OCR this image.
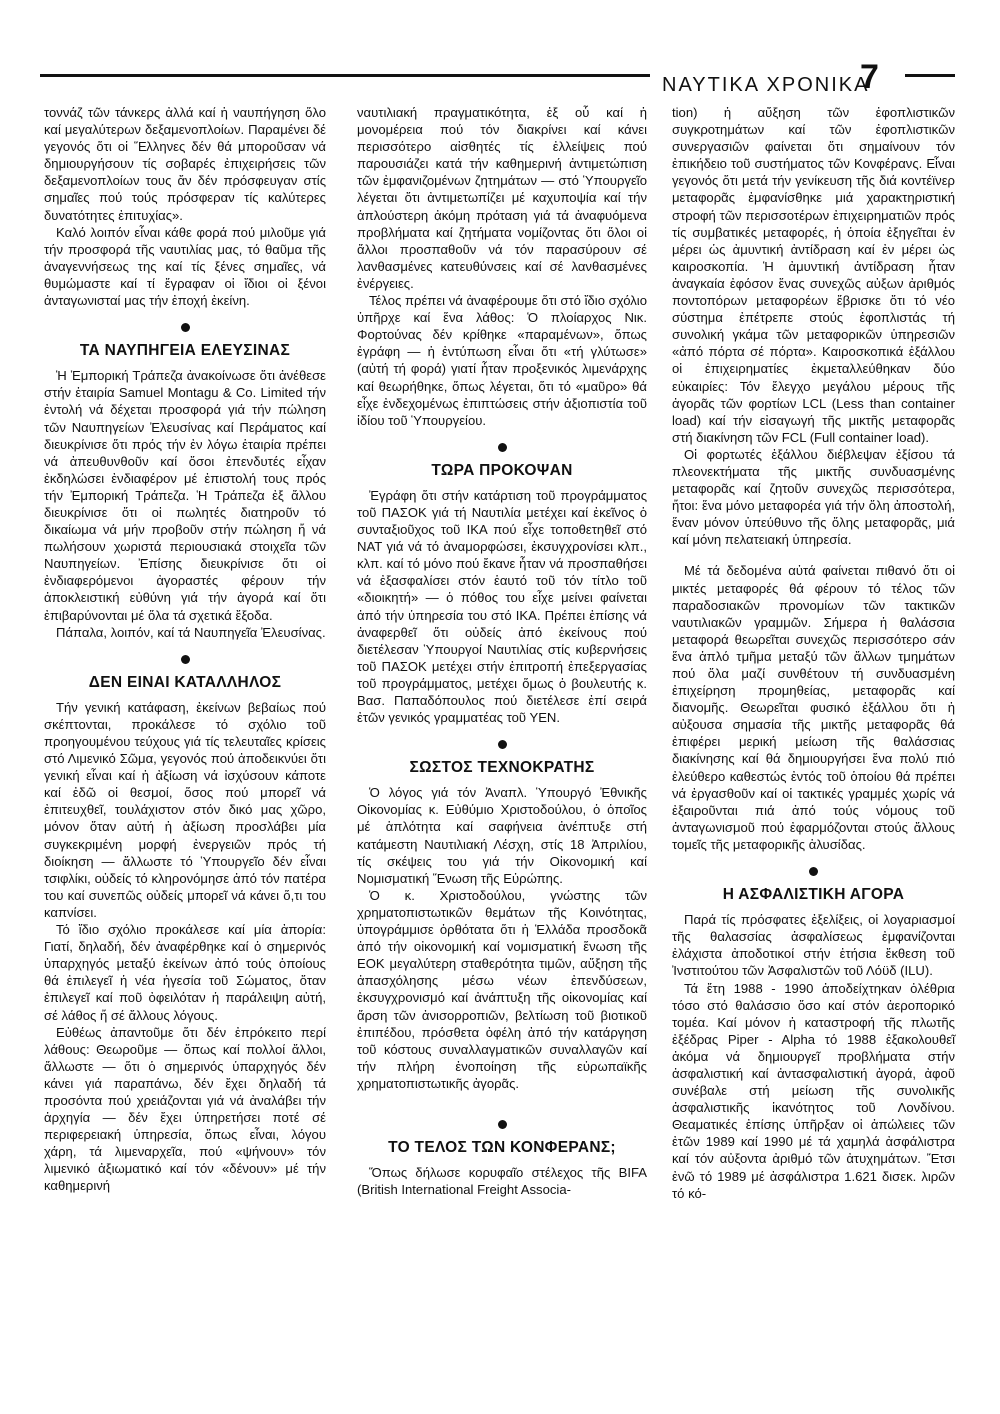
ΝΑΥΤΙΚΑ ΧΡΟΝΙΚΑ
7

τοννάζ τῶν τάνκερς ἀλλά καί ἡ ναυπήγηση ὅλο καί μεγαλύτερων δεξαμενοπλοίων. Παραμένει δέ γεγονός ὅτι οἱ Ἕλληνες δέν θά μποροῦσαν νά δημιουργήσουν τίς σοβαρές ἐπιχειρήσεις τῶν δεξαμενοπλοίων τους ἄν δέν πρόσφευγαν στίς σημαῖες πού τούς πρόσφεραν τίς καλύτερες δυνατότητες ἐπιτυχίας».

Καλό λοιπόν εἶναι κάθε φορά πού μιλοῦμε γιά τήν προσφορά τῆς ναυτιλίας μας, τό θαῦμα τῆς ἀναγεννήσεως της καί τίς ξένες σημαῖες, νά θυμώμαστε καί τί ἔγραφαν οἱ ἴδιοι οἱ ξένοι ἀνταγωνισταί μας τήν ἐποχή ἐκείνη.

ΤΑ ΝΑΥΠΗΓΕΙΑ ΕΛΕΥΣΙΝΑΣ

Ἡ Ἐμπορική Τράπεζα ἀνακοίνωσε ὅτι ἀνέθεσε στήν ἑταιρία Samuel Montagu & Co. Limited τήν ἐντολή νά δέχεται προσφορά γιά τήν πώληση τῶν Ναυπηγείων Ἐλευσίνας καί Περάματος καί διευκρίνισε ὅτι πρός τήν ἐν λόγω ἑταιρία πρέπει νά ἀπευθυνθοῦν καί ὅσοι ἐπενδυτές εἶχαν ἐκδηλώσει ἐνδιαφέρον μέ ἐπιστολή τους πρός τήν Ἐμπορική Τράπεζα. Ἡ Τράπεζα ἐξ ἄλλου διευκρίνισε ὅτι οἱ πωλητές διατηροῦν τό δικαίωμα νά μήν προβοῦν στήν πώληση ἤ νά πωλήσουν χωριστά περιουσιακά στοιχεῖα τῶν Ναυπηγείων. Ἐπίσης διευκρίνισε ὅτι οἱ ἐνδιαφερόμενοι ἀγοραστές φέρουν τήν ἀποκλειστική εὐθύνη γιά τήν ἀγορά καί ὅτι ἐπιβαρύνονται μέ ὅλα τά σχετικά ἔξοδα.

Πάπαλα, λοιπόν, καί τά Ναυπηγεῖα Ἐλευσίνας.

ΔΕΝ ΕΙΝΑΙ ΚΑΤΑΛΛΗΛΟΣ

Τήν γενική κατάφαση, ἐκείνων βεβαίως πού σκέπτονται, προκάλεσε τό σχόλιο τοῦ προηγουμένου τεύχους γιά τίς τελευταῖες κρίσεις στό Λιμενικό Σῶμα, γεγονός πού ἀποδεικνύει ὅτι γενική εἶναι καί ἡ ἀξίωση νά ἰσχύσουν κάποτε καί ἐδῶ οἱ θεσμοί, ὅσος πού μπορεῖ νά ἐπιτευχθεῖ, τουλάχιστον στόν δικό μας χῶρο, μόνον ὅταν αὐτή ἡ ἀξίωση προσλάβει μία συγκεκριμένη μορφή ἐνεργειῶν πρός τή διοίκηση — ἄλλωστε τό Ὑπουργεῖο δέν εἶναι τσιφλίκι, οὐδείς τό κληρονόμησε ἀπό τόν πατέρα του καί συνεπῶς οὐδείς μπορεῖ νά κάνει ὅ,τι του καπνίσει.

Τό ἴδιο σχόλιο προκάλεσε καί μία ἀπορία: Γιατί, δηλαδή, δέν ἀναφέρθηκε καί ὁ σημερινός ὑπαρχηγός μεταξύ ἐκείνων ἀπό τούς ὁποίους θά ἐπιλεγεῖ ἡ νέα ἡγεσία τοῦ Σώματος, ὅταν ἐπιλεγεῖ καί ποῦ ὀφειλόταν ἡ παράλειψη αὐτή, σέ λάθος ἤ σέ ἄλλους λόγους.

Εὐθέως ἀπαντοῦμε ὅτι δέν ἐπρόκειτο περί λάθους: Θεωροῦμε — ὅπως καί πολλοί ἄλλοι, ἄλλωστε — ὅτι ὁ σημερινός ὑπαρχηγός δέν κάνει γιά παραπάνω, δέν ἔχει δηλαδή τά προσόντα πού χρειάζονται γιά νά ἀναλάβει τήν ἀρχηγία — δέν ἔχει ὑπηρετήσει ποτέ σέ περιφερειακή ὑπηρεσία, ὅπως εἶναι, λόγου χάρη, τά λιμεναρχεῖα, πού «ψήνουν» τόν λιμενικό ἀξιωματικό καί τόν «δένουν» μέ τήν καθημερινή

ναυτιλιακή πραγματικότητα, ἐξ οὗ καί ἡ μονομέρεια πού τόν διακρίνει καί κάνει περισσότερο αἰσθητές τίς ἐλλείψεις πού παρουσιάζει κατά τήν καθημερινή ἀντιμετώπιση τῶν ἐμφανιζομένων ζητημάτων — στό Ὑπουργεῖο λέγεται ὅτι ἀντιμετωπίζει μέ καχυποψία καί τήν ἁπλούστερη ἀκόμη πρόταση γιά τά ἀναφυόμενα προβλήματα καί ζητήματα νομίζοντας ὅτι ὅλοι οἱ ἄλλοι προσπαθοῦν νά τόν παρασύρουν σέ λανθασμένες κατευθύνσεις καί σέ λανθασμένες ἐνέργειες.

Τέλος πρέπει νά ἀναφέρουμε ὅτι στό ἴδιο σχόλιο ὑπῆρχε καί ἕνα λάθος: Ὁ πλοίαρχος Νικ. Φορτούνας δέν κρίθηκε «παραμένων», ὅπως ἐγράφη — ἡ ἐντύπωση εἶναι ὅτι «τή γλύτωσε» (αὐτή τή φορά) γιατί ἦταν προξενικός λιμενάρχης καί θεωρήθηκε, ὅπως λέγεται, ὅτι τό «μαῦρο» θά εἶχε ἐνδεχομένως ἐπιπτώσεις στήν ἀξιοπιστία τοῦ ἰδίου τοῦ Ὑπουργείου.

ΤΩΡΑ ΠΡΟΚΟΨΑΝ

Ἐγράφη ὅτι στήν κατάρτιση τοῦ προγράμματος τοῦ ΠΑΣΟΚ γιά τή Ναυτιλία μετέχει καί ἐκεῖνος ὁ συνταξιοῦχος τοῦ ΙΚΑ πού εἶχε τοποθετηθεῖ στό ΝΑΤ γιά νά τό ἀναμορφώσει, ἐκσυγχρονίσει κλπ., κλπ. καί τό μόνο πού ἔκανε ἦταν νά προσπαθήσει νά ἐξασφαλίσει στόν ἑαυτό τοῦ τόν τίτλο τοῦ «διοικητή» — ὁ πόθος του εἶχε μείνει φαίνεται ἀπό τήν ὑπηρεσία του στό ΙΚΑ. Πρέπει ἐπίσης νά ἀναφερθεῖ ὅτι οὐδείς ἀπό ἐκείνους πού διετέλεσαν Ὑπουργοί Ναυτιλίας στίς κυβερνήσεις τοῦ ΠΑΣΟΚ μετέχει στήν ἐπιτροπή ἐπεξεργασίας τοῦ προγράμματος, μετέχει ὅμως ὁ βουλευτής κ. Βασ. Παπαδόπουλος πού διετέλεσε ἐπί σειρά ἐτῶν γενικός γραμματέας τοῦ ΥΕΝ.

ΣΩΣΤΟΣ ΤΕΧΝΟΚΡΑΤΗΣ

Ὁ λόγος γιά τόν Ἀναπλ. Ὑπουργό Ἐθνικῆς Οἰκονομίας κ. Εὐθύμιο Χριστοδούλου, ὁ ὁποῖος μέ ἁπλότητα καί σαφήνεια ἀνέπτυξε στή κατάμεστη Ναυτιλιακή Λέσχη, στίς 18 Ἀπριλίου, τίς σκέψεις του γιά τήν Οἰκονομική καί Νομισματική Ἕνωση τῆς Εὐρώπης.

Ὁ κ. Χριστοδούλου, γνώστης τῶν χρηματοπιστωτικῶν θεμάτων τῆς Κοινότητας, ὑπογράμμισε ὀρθότατα ὅτι ἡ Ἑλλάδα προσδοκᾶ ἀπό τήν οἰκονομική καί νομισματική ἕνωση τῆς ΕΟΚ μεγαλύτερη σταθερότητα τιμῶν, αὔξηση τῆς ἀπασχόλησης μέσω νέων ἐπενδύσεων, ἐκσυγχρονισμό καί ἀνάπτυξη τῆς οἰκονομίας καί ἄρση τῶν ἀνισορροπιῶν, βελτίωση τοῦ βιοτικοῦ ἐπιπέδου, πρόσθετα ὀφέλη ἀπό τήν κατάργηση τοῦ κόστους συναλλαγματικῶν συναλλαγῶν καί τήν πλήρη ἑνοποίηση τῆς εὐρωπαϊκῆς χρηματοπιστωτικῆς ἀγορᾶς.

ΤΟ ΤΕΛΟΣ ΤΩΝ ΚΟΝΦΕΡΑΝΣ;

Ὅπως δήλωσε κορυφαῖο στέλεχος τῆς BIFA (British International Freight Associa-

tion) ἡ αὔξηση τῶν ἐφοπλιστικῶν συγκροτημάτων καί τῶν ἐφοπλιστικῶν συνεργασιῶν φαίνεται ὅτι σημαίνουν τόν ἐπικήδειο τοῦ συστήματος τῶν Κονφέρανς. Εἶναι γεγονός ὅτι μετά τήν γενίκευση τῆς διά κοντέϊνερ μεταφορᾶς ἐμφανίσθηκε μιά χαρακτηριστική στροφή τῶν περισσοτέρων ἐπιχειρηματιῶν πρός τίς συμβατικές μεταφορές, ἡ ὁποία ἐξηγεῖται ἐν μέρει ὡς ἀμυντική ἀντίδραση καί ἐν μέρει ὡς καιροσκοπία. Ἡ ἀμυντική ἀντίδραση ἦταν ἀναγκαία ἐφόσον ἕνας συνεχῶς αὐξων ἀριθμός ποντοπόρων μεταφορέων ἔβρισκε ὅτι τό νέο σύστημα ἐπέτρεπε στούς ἐφοπλιστάς τή συνολική γκάμα τῶν μεταφορικῶν ὑπηρεσιῶν «ἀπό πόρτα σέ πόρτα». Καιροσκοπικά ἐξάλλου οἱ ἐπιχειρηματίες ἐκμεταλλεύθηκαν δύο εὐκαιρίες: Τόν ἔλεγχο μεγάλου μέρους τῆς ἀγορᾶς τῶν φορτίων LCL (Less than container load) καί τήν εἰσαγωγή τῆς μικτῆς μεταφορᾶς στή διακίνηση τῶν FCL (Full container load).

Οἱ φορτωτές ἐξάλλου διέβλεψαν ἐξίσου τά πλεονεκτήματα τῆς μικτῆς συνδυασμένης μεταφορᾶς καί ζητοῦν συνεχῶς περισσότερα, ἤτοι: ἕνα μόνο μεταφορέα γιά τήν ὅλη ἀποστολή, ἕναν μόνον ὑπεύθυνο τῆς ὅλης μεταφορᾶς, μιά καί μόνη πελατειακή ὑπηρεσία.

Μέ τά δεδομένα αὐτά φαίνεται πιθανό ὅτι οἱ μικτές μεταφορές θά φέρουν τό τέλος τῶν παραδοσιακῶν προνομίων τῶν τακτικῶν ναυτιλιακῶν γραμμῶν. Σήμερα ἡ θαλάσσια μεταφορά θεωρεῖται συνεχῶς περισσότερο σάν ἕνα ἁπλό τμῆμα μεταξύ τῶν ἄλλων τμημάτων πού ὅλα μαζί συνθέτουν τή συνδυασμένη ἐπιχείρηση προμηθείας, μεταφορᾶς καί διανομῆς. Θεωρεῖται φυσικό ἐξάλλου ὅτι ἡ αὐξουσα σημασία τῆς μικτῆς μεταφορᾶς θά ἐπιφέρει μερική μείωση τῆς θαλάσσιας διακίνησης καί θά δημιουργήσει ἕνα πολύ πιό ἐλεύθερο καθεστώς ἐντός τοῦ ὁποίου θά πρέπει νά ἐργασθοῦν καί οἱ τακτικές γραμμές χωρίς νά ἐξαιροῦνται πιά ἀπό τούς νόμους τοῦ ἀνταγωνισμοῦ πού ἐφαρμόζονται στούς ἄλλους τομεῖς τῆς μεταφορικῆς ἁλυσίδας.

Η ΑΣΦΑΛΙΣΤΙΚΗ ΑΓΟΡΑ

Παρά τίς πρόσφατες ἐξελίξεις, οἱ λογαριασμοί τῆς θαλασσίας ἀσφαλίσεως ἐμφανίζονται ἐλάχιστα ἀποδοτικοί στήν ἐτήσια ἔκθεση τοῦ Ἰνστιτούτου τῶν Ἀσφαλιστῶν τοῦ Λόϋδ (ILU).

Τά ἔτη 1988 - 1990 ἀποδείχτηκαν ὀλέθρια τόσο στό θαλάσσιο ὅσο καί στόν ἀεροπορικό τομέα. Καί μόνον ἡ καταστροφή τῆς πλωτῆς ἐξέδρας Piper - Alpha τό 1988 ἐξακολουθεῖ ἀκόμα νά δημιουργεῖ προβλήματα στήν ἀσφαλιστική καί ἀντασφαλιστική ἀγορά, ἀφοῦ συνέβαλε στή μείωση τῆς συνολικῆς ἀσφαλιστικῆς ἱκανότητος τοῦ Λονδίνου. Θεαματικές ἐπίσης ὑπῆρξαν οἱ ἀπώλειες τῶν ἐτῶν 1989 καί 1990 μέ τά χαμηλά ἀσφάλιστρα καί τόν αὐξοντα ἀριθμό τῶν ἀτυχημάτων. Ἔτσι ἐνῶ τό 1989 μέ ἀσφάλιστρα 1.621 δισεκ. λιρῶν τό κό-
